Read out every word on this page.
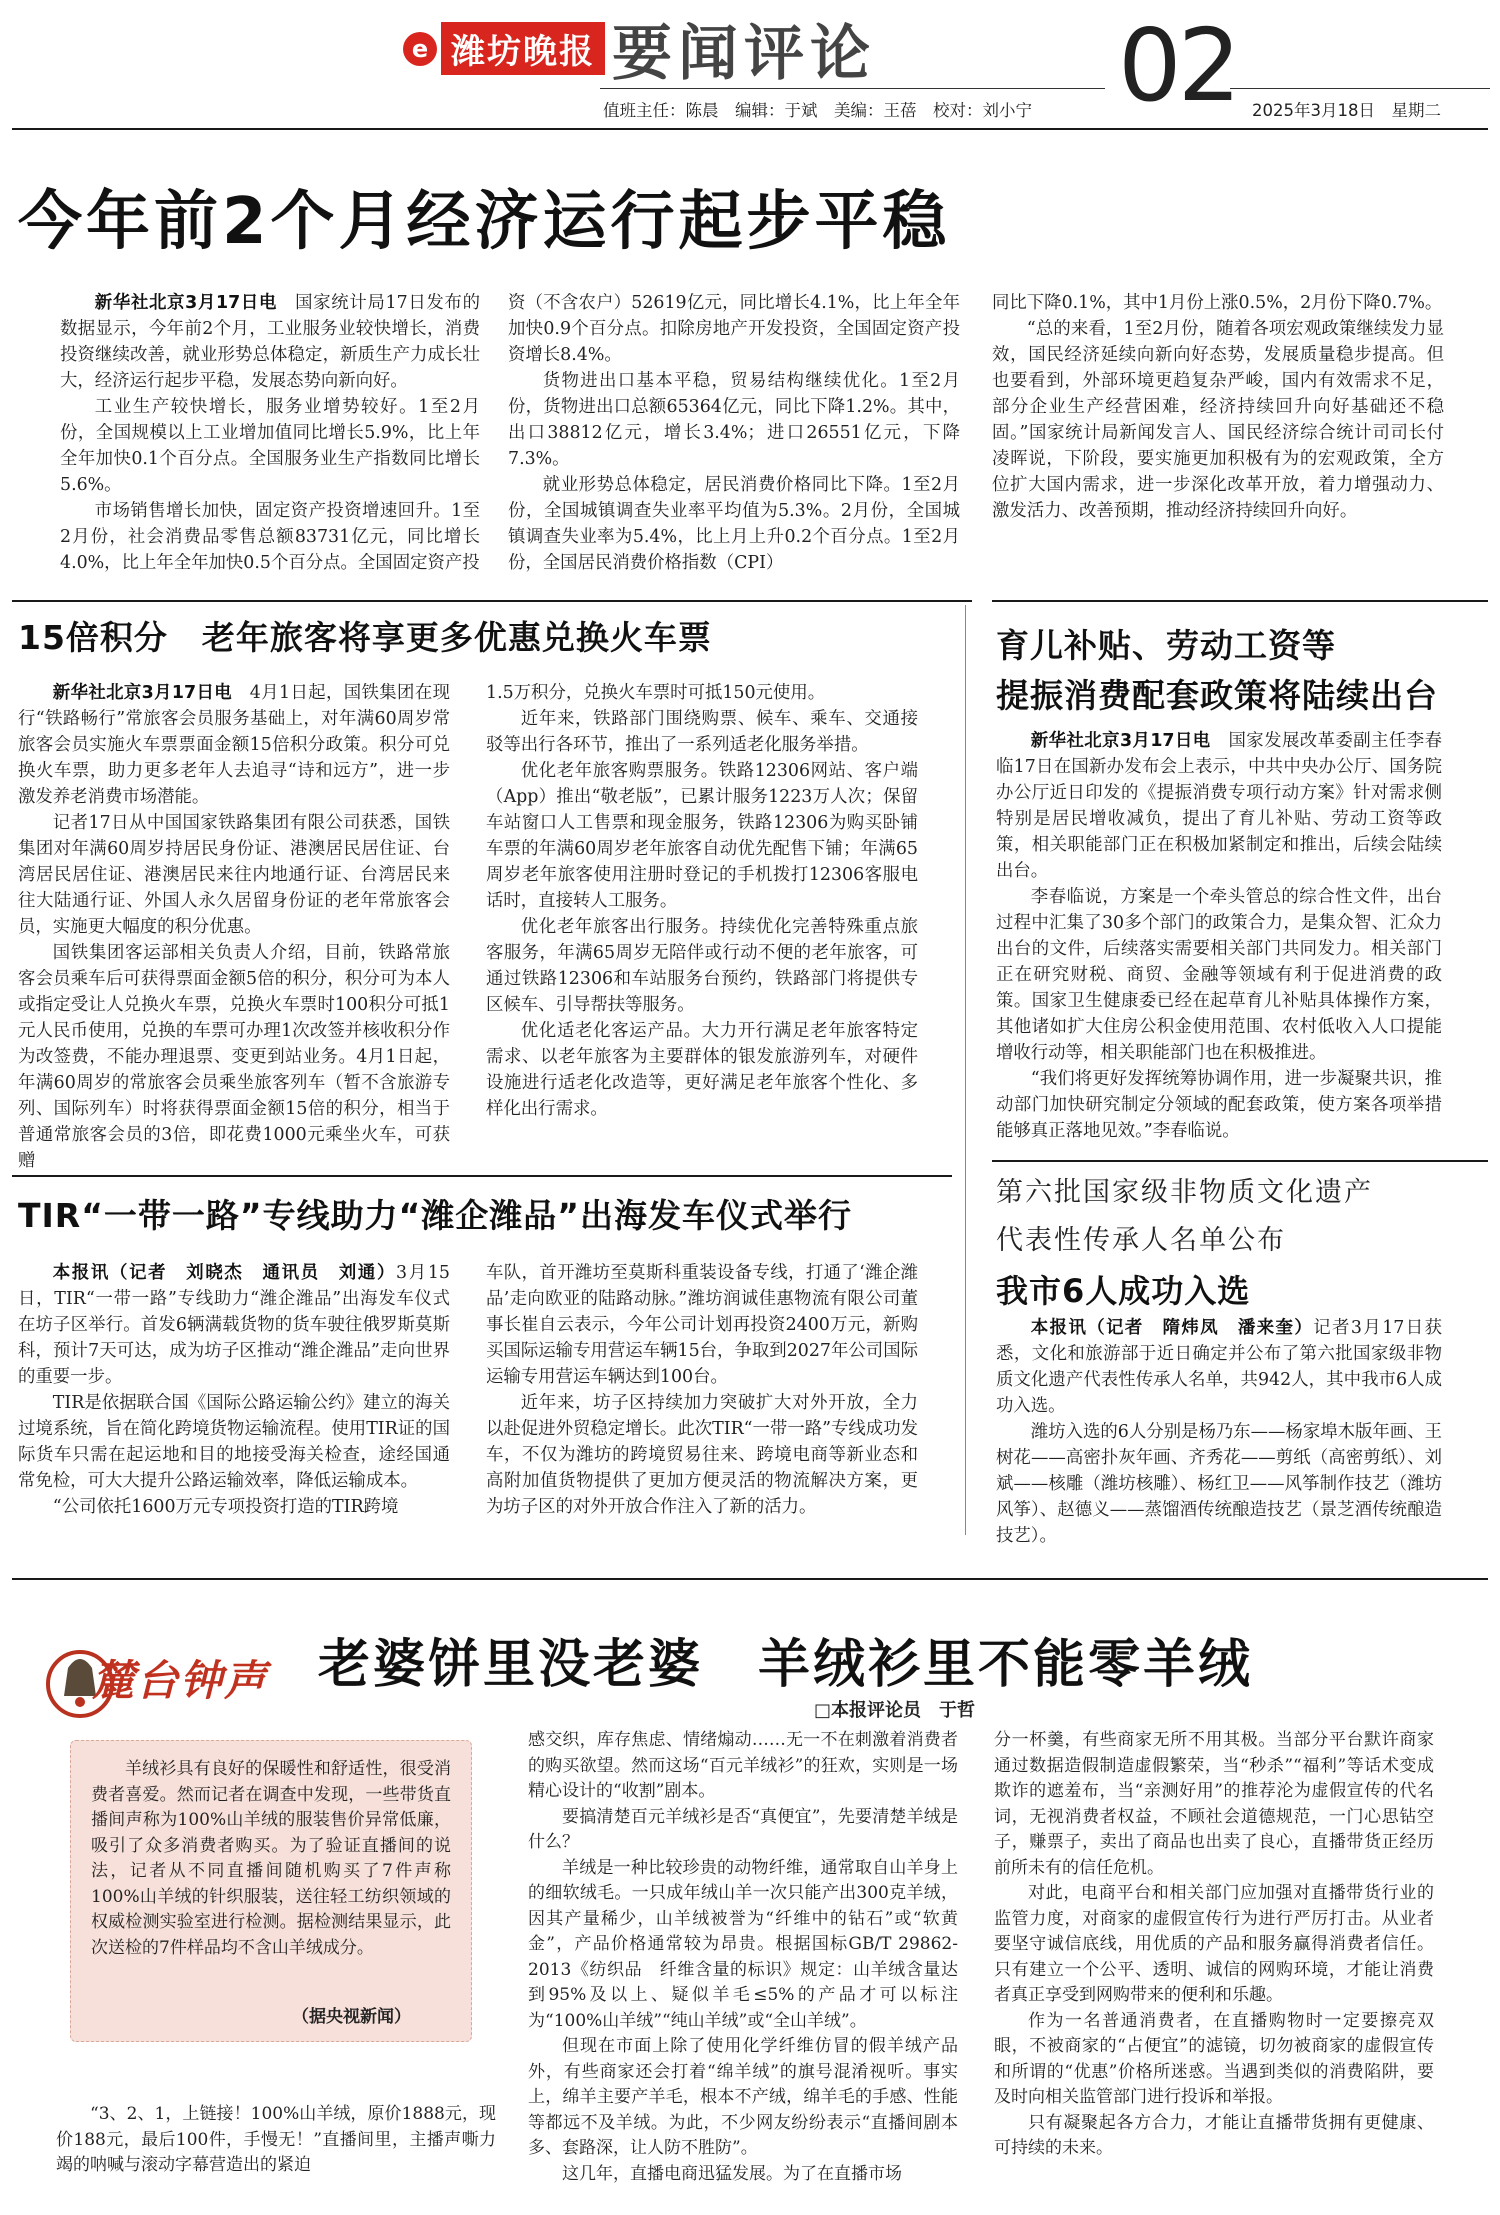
e 潍坊晚报 要闻评论 02
值班主任：陈晨　编辑：于斌　美编：王蓓　校对：刘小宁	2025年3月18日　星期二
今年前2个月经济运行起步平稳

新华社北京3月17日电　 国家统计局17日发布的数据显示，今年前2个月，工业服务业较快增长，消费投资继续改善，就业形势总体稳定，新质生产力成长壮大，经济运行起步平稳，发展态势向新向好。

工业生产较快增长，服务业增势较好。1至2月份，全国规模以上工业增加值同比增长5.9%，比上年全年加快0.1个百分点。全国服务业生产指数同比增长5.6%。

市场销售增长加快，固定资产投资增速回升。1至2月份，社会消费品零售总额83731亿元，同比增长4.0%，比上年全年加快0.5个百分点。全国固定资产投

资（不含农户）52619亿元，同比增长4.1%，比上年全年加快0.9个百分点。扣除房地产开发投资，全国固定资产投资增长8.4%。

货物进出口基本平稳，贸易结构继续优化。1至2月份，货物进出口总额65364亿元，同比下降1.2%。其中，出口38812亿元，增长3.4%；进口26551亿元，下降7.3%。

就业形势总体稳定，居民消费价格同比下降。1至2月份，全国城镇调查失业率平均值为5.3%。2月份，全国城镇调查失业率为5.4%，比上月上升0.2个百分点。1至2月份，全国居民消费价格指数（CPI）

同比下降0.1%，其中1月份上涨0.5%，2月份下降0.7%。

“总的来看，1至2月份，随着各项宏观政策继续发力显效，国民经济延续向新向好态势，发展质量稳步提高。但也要看到，外部环境更趋复杂严峻，国内有效需求不足，部分企业生产经营困难，经济持续回升向好基础还不稳固。”国家统计局新闻发言人、国民经济综合统计司司长付凌晖说，下阶段，要实施更加积极有为的宏观政策，全方位扩大国内需求，进一步深化改革开放，着力增强动力、激发活力、改善预期，推动经济持续回升向好。

15倍积分　老年旅客将享更多优惠兑换火车票

新华社北京3月17日电　 4月1日起，国铁集团在现行“铁路畅行”常旅客会员服务基础上，对年满60周岁常旅客会员实施火车票票面金额15倍积分政策。积分可兑换火车票，助力更多老年人去追寻“诗和远方”，进一步激发养老消费市场潜能。

记者17日从中国国家铁路集团有限公司获悉，国铁集团对年满60周岁持居民身份证、港澳居民居住证、台湾居民居住证、港澳居民来往内地通行证、台湾居民来往大陆通行证、外国人永久居留身份证的老年常旅客会员，实施更大幅度的积分优惠。

国铁集团客运部相关负责人介绍，目前，铁路常旅客会员乘车后可获得票面金额5倍的积分，积分可为本人或指定受让人兑换火车票，兑换火车票时100积分可抵1元人民币使用，兑换的车票可办理1次改签并核收积分作为改签费，不能办理退票、变更到站业务。4月1日起，年满60周岁的常旅客会员乘坐旅客列车（暂不含旅游专列、国际列车）时将获得票面金额15倍的积分，相当于普通常旅客会员的3倍，即花费1000元乘坐火车，可获赠

1.5万积分，兑换火车票时可抵150元使用。

近年来，铁路部门围绕购票、候车、乘车、交通接驳等出行各环节，推出了一系列适老化服务举措。

优化老年旅客购票服务。铁路12306网站、客户端（App）推出“敬老版”，已累计服务1223万人次；保留车站窗口人工售票和现金服务，铁路12306为购买卧铺车票的年满60周岁老年旅客自动优先配售下铺；年满65周岁老年旅客使用注册时登记的手机拨打12306客服电话时，直接转人工服务。

优化老年旅客出行服务。持续优化完善特殊重点旅客服务，年满65周岁无陪伴或行动不便的老年旅客，可通过铁路12306和车站服务台预约，铁路部门将提供专区候车、引导帮扶等服务。

优化适老化客运产品。大力开行满足老年旅客特定需求、以老年旅客为主要群体的银发旅游列车，对硬件设施进行适老化改造等，更好满足老年旅客个性化、多样化出行需求。

育儿补贴、劳动工资等
提振消费配套政策将陆续出台

新华社北京3月17日电　 国家发展改革委副主任李春临17日在国新办发布会上表示，中共中央办公厅、国务院办公厅近日印发的《提振消费专项行动方案》针对需求侧特别是居民增收减负，提出了育儿补贴、劳动工资等政策，相关职能部门正在积极加紧制定和推出，后续会陆续出台。

李春临说，方案是一个牵头管总的综合性文件，出台过程中汇集了30多个部门的政策合力，是集众智、汇众力出台的文件，后续落实需要相关部门共同发力。相关部门正在研究财税、商贸、金融等领域有利于促进消费的政策。国家卫生健康委已经在起草育儿补贴具体操作方案，其他诸如扩大住房公积金使用范围、农村低收入人口提能增收行动等，相关职能部门也在积极推进。

“我们将更好发挥统筹协调作用，进一步凝聚共识，推动部门加快研究制定分领域的配套政策，使方案各项举措能够真正落地见效。”李春临说。

TIR“一带一路”专线助力“潍企潍品”出海发车仪式举行

本报讯（记者　刘晓杰　通讯员　刘通）3月15日，TIR“一带一路”专线助力“潍企潍品”出海发车仪式在坊子区举行。首发6辆满载货物的货车驶往俄罗斯莫斯科，预计7天可达，成为坊子区推动“潍企潍品”走向世界的重要一步。

TIR是依据联合国《国际公路运输公约》建立的海关过境系统，旨在简化跨境货物运输流程。使用TIR证的国际货车只需在起运地和目的地接受海关检查，途经国通常免检，可大大提升公路运输效率，降低运输成本。

“公司依托1600万元专项投资打造的TIR跨境

车队，首开潍坊至莫斯科重装设备专线，打通了‘潍企潍品’走向欧亚的陆路动脉。”潍坊润诚佳惠物流有限公司董事长崔自云表示，今年公司计划再投资2400万元，新购买国际运输专用营运车辆15台，争取到2027年公司国际运输专用营运车辆达到100台。

近年来，坊子区持续加力突破扩大对外开放，全力以赴促进外贸稳定增长。此次TIR“一带一路”专线成功发车，不仅为潍坊的跨境贸易往来、跨境电商等新业态和高附加值货物提供了更加方便灵活的物流解决方案，更为坊子区的对外开放合作注入了新的活力。

第六批国家级非物质文化遗产
代表性传承人名单公布
我市6人成功入选

本报讯（记者　隋炜凤　潘来奎）记者3月17日获悉，文化和旅游部于近日确定并公布了第六批国家级非物质文化遗产代表性传承人名单，共942人，其中我市6人成功入选。

潍坊入选的6人分别是杨乃东——杨家埠木版年画、王树花——高密扑灰年画、齐秀花——剪纸（高密剪纸）、刘斌——核雕（潍坊核雕）、杨红卫——风筝制作技艺（潍坊风筝）、赵德义——蒸馏酒传统酿造技艺（景芝酒传统酿造技艺）。

麓台钟声 老婆饼里没老婆　羊绒衫里不能零羊绒
□本报评论员　于哲

羊绒衫具有良好的保暖性和舒适性，很受消费者喜爱。然而记者在调查中发现，一些带货直播间声称为100%山羊绒的服装售价异常低廉，吸引了众多消费者购买。为了验证直播间的说法，记者从不同直播间随机购买了7件声称100%山羊绒的针织服装，送往轻工纺织领域的权威检测实验室进行检测。据检测结果显示，此次送检的7件样品均不含山羊绒成分。

（据央视新闻）

“3、2、1，上链接！100%山羊绒，原价1888元，现价188元，最后100件，手慢无！”直播间里，主播声嘶力竭的呐喊与滚动字幕营造出的紧迫

感交织，库存焦虑、情绪煽动……无一不在刺激着消费者的购买欲望。然而这场“百元羊绒衫”的狂欢，实则是一场精心设计的“收割”剧本。

要搞清楚百元羊绒衫是否“真便宜”，先要清楚羊绒是什么？

羊绒是一种比较珍贵的动物纤维，通常取自山羊身上的细软绒毛。一只成年绒山羊一次只能产出300克羊绒，因其产量稀少，山羊绒被誉为“纤维中的钻石”或“软黄金”，产品价格通常较为昂贵。根据国标GB/T 29862-2013《纺织品　纤维含量的标识》规定：山羊绒含量达到95%及以上、疑似羊毛≤5%的产品才可以标注为“100%山羊绒”“纯山羊绒”或“全山羊绒”。

但现在市面上除了使用化学纤维仿冒的假羊绒产品外，有些商家还会打着“绵羊绒”的旗号混淆视听。事实上，绵羊主要产羊毛，根本不产绒，绵羊毛的手感、性能等都远不及羊绒。为此，不少网友纷纷表示“直播间剧本多、套路深，让人防不胜防”。

这几年，直播电商迅猛发展。为了在直播市场

分一杯羹，有些商家无所不用其极。当部分平台默许商家通过数据造假制造虚假繁荣，当“秒杀”“福利”等话术变成欺诈的遮羞布，当“亲测好用”的推荐沦为虚假宣传的代名词，无视消费者权益，不顾社会道德规范，一门心思钻空子，赚票子，卖出了商品也出卖了良心，直播带货正经历前所未有的信任危机。

对此，电商平台和相关部门应加强对直播带货行业的监管力度，对商家的虚假宣传行为进行严厉打击。从业者要坚守诚信底线，用优质的产品和服务赢得消费者信任。只有建立一个公平、透明、诚信的网购环境，才能让消费者真正享受到网购带来的便利和乐趣。

作为一名普通消费者，在直播购物时一定要擦亮双眼，不被商家的“占便宜”的滤镜，切勿被商家的虚假宣传和所谓的“优惠”价格所迷惑。当遇到类似的消费陷阱，要及时向相关监管部门进行投诉和举报。

只有凝聚起各方合力，才能让直播带货拥有更健康、可持续的未来。
